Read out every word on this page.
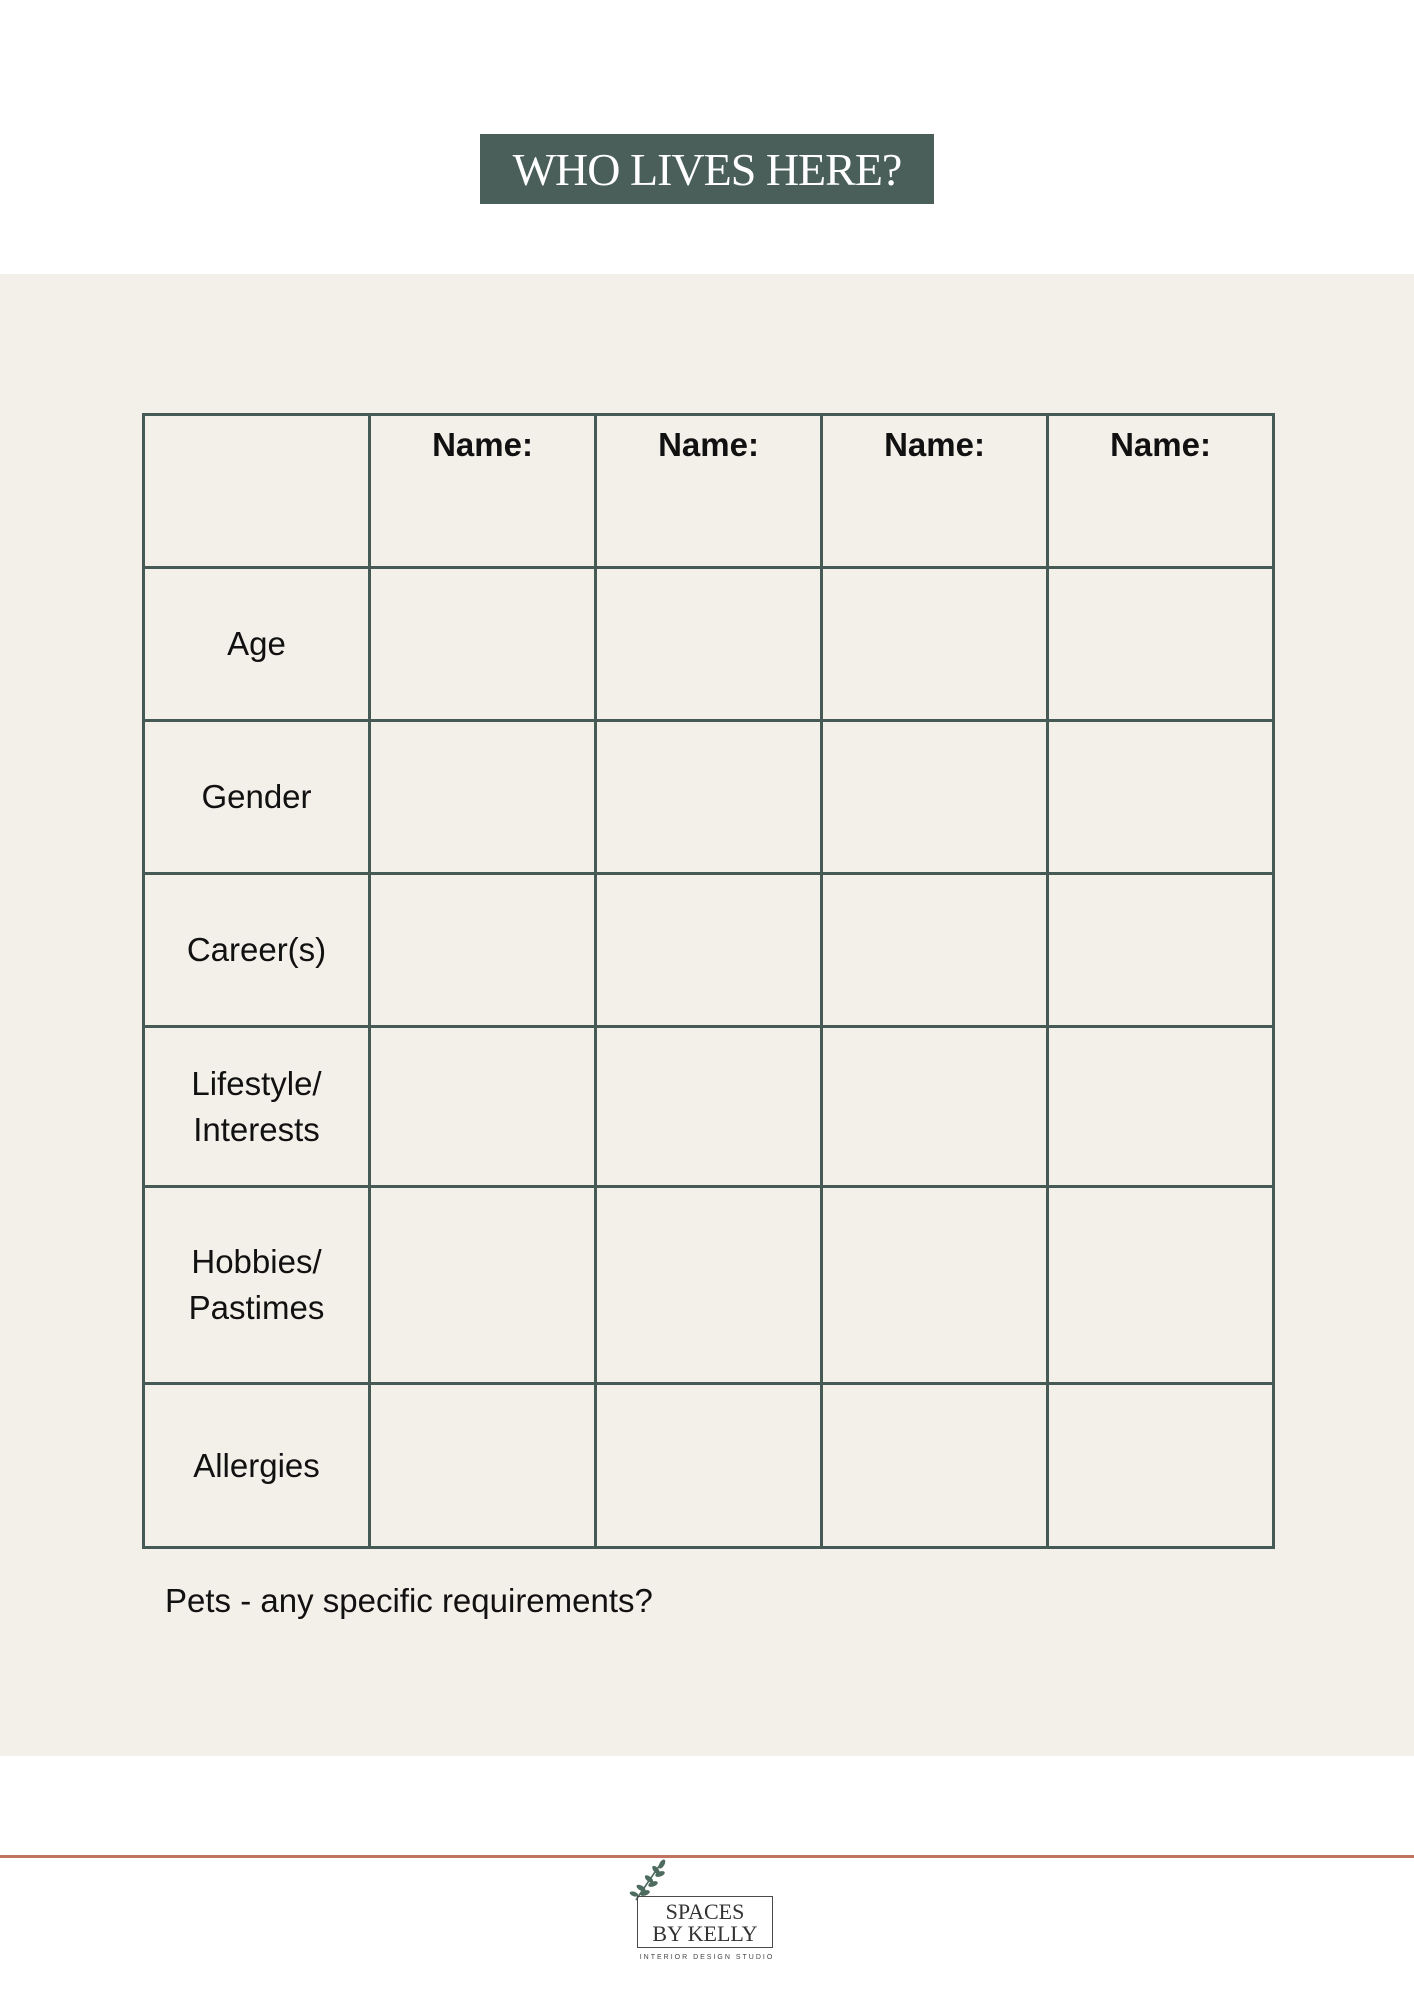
WHO LIVES HERE?
	Name:	Name:	Name:	Name:
Age				
Gender				
Career(s)				
Lifestyle/
Interests				
Hobbies/
Pastimes				
Allergies				
Pets - any specific requirements?
SPACES
BY KELLY
INTERIOR DESIGN STUDIO
